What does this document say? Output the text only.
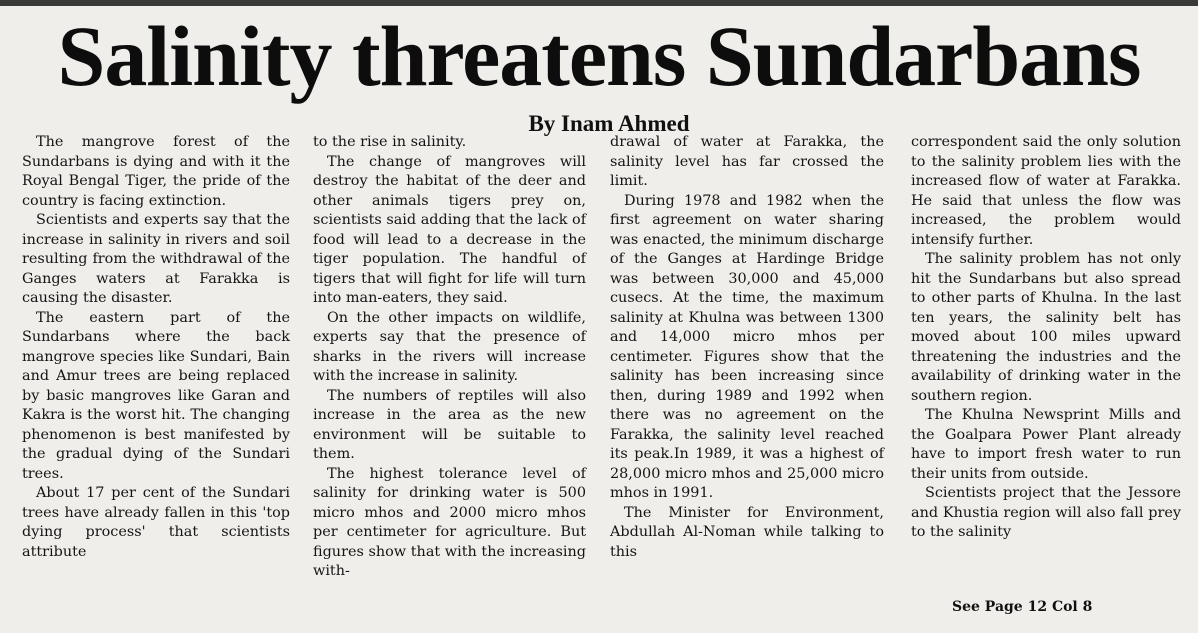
Salinity threatens Sundarbans
By Inam Ahmed

The mangrove forest of the Sundarbans is dying and with it the Royal Bengal Tiger, the pride of the country is facing extinction.

Scientists and experts say that the increase in salinity in rivers and soil resulting from the withdrawal of the Ganges waters at Farakka is causing the disaster.

The eastern part of the Sundarbans where the back mangrove species like Sundari, Bain and Amur trees are being replaced by basic mangroves like Garan and Kakra is the worst hit. The changing phenomenon is best manifested by the gradual dying of the Sundari trees.

About 17 per cent of the Sundari trees have already fallen in this 'top dying process' that scientists attribute

to the rise in salinity.

The change of mangroves will destroy the habitat of the deer and other animals tigers prey on, scientists said adding that the lack of food will lead to a decrease in the tiger population. The handful of tigers that will fight for life will turn into man-eaters, they said.

On the other impacts on wildlife, experts say that the presence of sharks in the rivers will increase with the increase in salinity.

The numbers of reptiles will also increase in the area as the new environment will be suitable to them.

The highest tolerance level of salinity for drinking water is 500 micro mhos and 2000 micro mhos per centimeter for agriculture. But figures show that with the increasing with-

drawal of water at Farakka, the salinity level has far crossed the limit.

During 1978 and 1982 when the first agreement on water sharing was enacted, the minimum discharge of the Ganges at Hardinge Bridge was between 30,000 and 45,000 cusecs. At the time, the maximum salinity at Khulna was between 1300 and 14,000 micro mhos per centimeter. Figures show that the salinity has been increasing since then, during 1989 and 1992 when there was no agreement on the Farakka, the salinity level reached its peak.In 1989, it was a highest of 28,000 micro mhos and 25,000 micro mhos in 1991.

The Minister for Environment, Abdullah Al-Noman while talking to this

correspondent said the only solution to the salinity problem lies with the increased flow of water at Farakka. He said that unless the flow was increased, the problem would intensify further.

The salinity problem has not only hit the Sundarbans but also spread to other parts of Khulna. In the last ten years, the salinity belt has moved about 100 miles upward threatening the industries and the availability of drinking water in the southern region.

The Khulna Newsprint Mills and the Goalpara Power Plant already have to import fresh water to run their units from outside.

Scientists project that the Jessore and Khustia region will also fall prey to the salinity

See Page 12 Col 8
